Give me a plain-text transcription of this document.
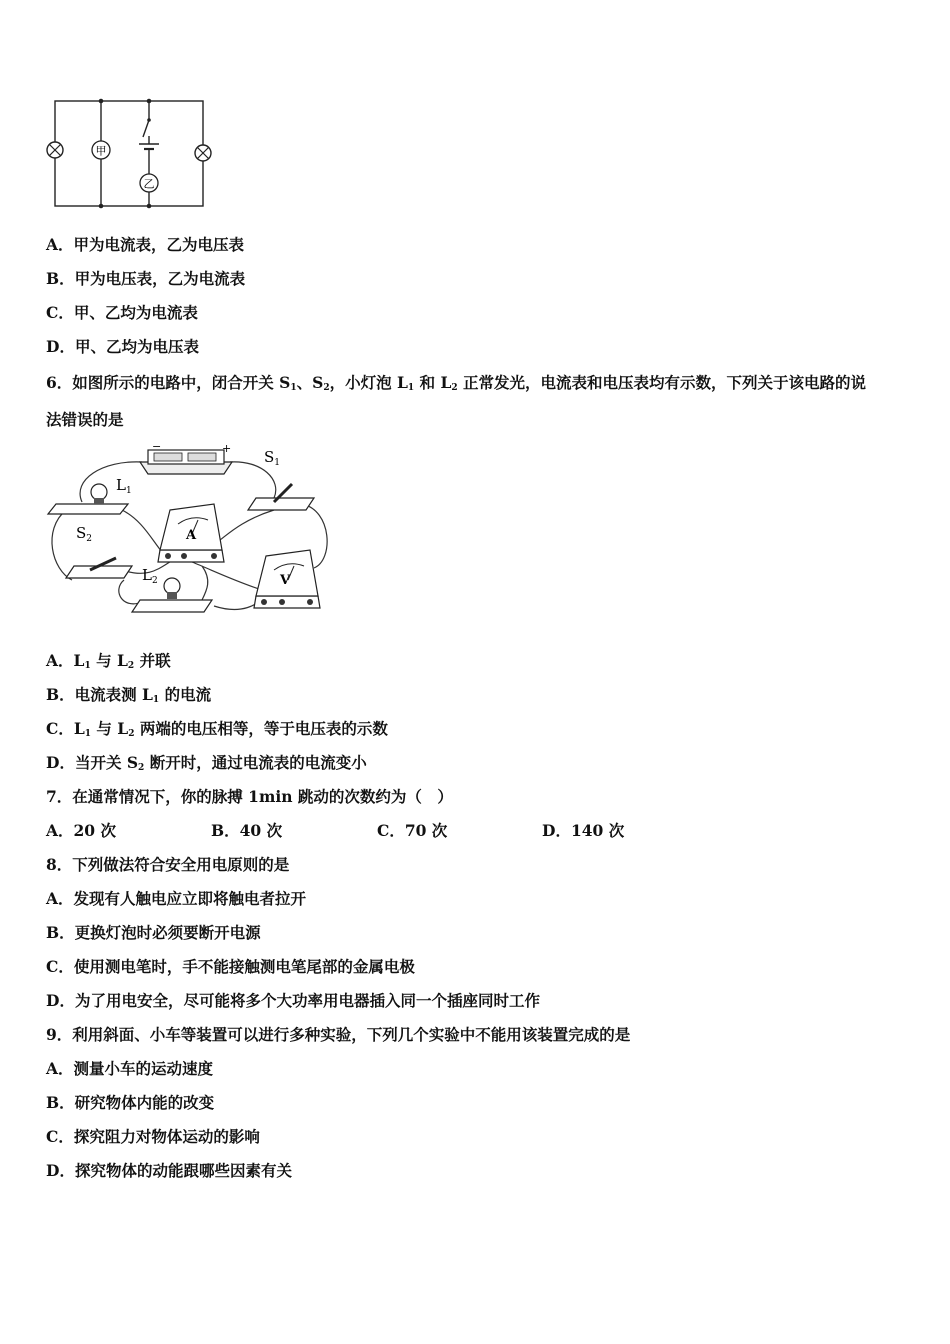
甲
乙
A．甲为电流表，乙为电压表
B．甲为电压表，乙为电流表
C．甲、乙均为电流表
D．甲、乙均为电压表
6．如图所示的电路中，闭合开关 $S_1$、$S_2$，小灯泡 $L_1$ 和 $L_2$ 正常发光，电流表和电压表均有示数，下列关于该电路的说
法错误的是
−	+ $S_1$
$L_1$
A
$S_2$
$L_2$	V
A．$L_1$ 与 $L_2$ 并联
B．电流表测 $L_1$ 的电流
C．$L_1$ 与 $L_2$ 两端的电压相等，等于电压表的示数
D．当开关 $S_2$ 断开时，通过电流表的电流变小
7．在通常情况下，你的脉搏 1min 跳动的次数约为（　）
A．20 次	B．40 次	C．70 次	D．140 次
8．下列做法符合安全用电原则的是
A．发现有人触电应立即将触电者拉开
B．更换灯泡时必须要断开电源
C．使用测电笔时，手不能接触测电笔尾部的金属电极
D．为了用电安全，尽可能将多个大功率用电器插入同一个插座同时工作
9．利用斜面、小车等装置可以进行多种实验，下列几个实验中不能用该装置完成的是
A．测量小车的运动速度
B．研究物体内能的改变
C．探究阻力对物体运动的影响
D．探究物体的动能跟哪些因素有关
